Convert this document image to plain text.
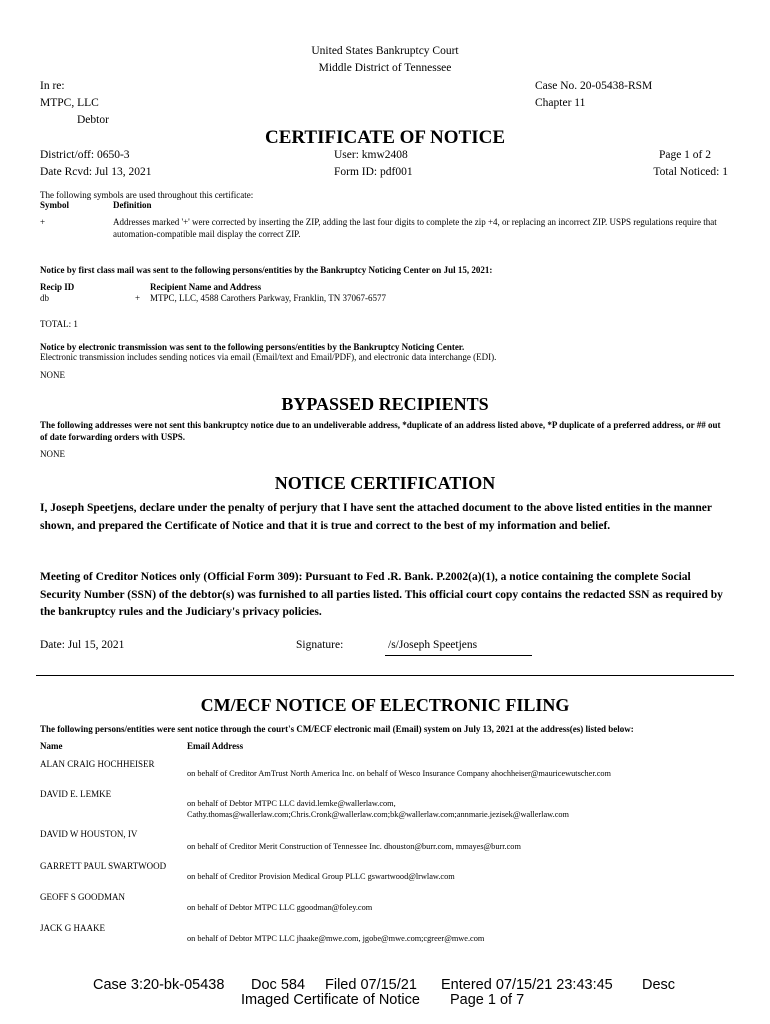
United States Bankruptcy Court
Middle District of Tennessee
In re:
MTPC, LLC
Debtor
Case No. 20-05438-RSM
Chapter 11
CERTIFICATE OF NOTICE
District/off: 0650-3
Date Rcvd: Jul 13, 2021
User: kmw2408
Form ID: pdf001
Page 1 of 2
Total Noticed: 1
The following symbols are used throughout this certificate:
Symbol	Definition
+	Addresses marked '+' were corrected by inserting the ZIP, adding the last four digits to complete the zip +4, or replacing an incorrect ZIP. USPS regulations require that automation-compatible mail display the correct ZIP.
Notice by first class mail was sent to the following persons/entities by the Bankruptcy Noticing Center on Jul 15, 2021:
Recip ID	Recipient Name and Address
db	+ MTPC, LLC, 4588 Carothers Parkway, Franklin, TN 37067-6577
TOTAL: 1
Notice by electronic transmission was sent to the following persons/entities by the Bankruptcy Noticing Center.
Electronic transmission includes sending notices via email (Email/text and Email/PDF), and electronic data interchange (EDI).
NONE
BYPASSED RECIPIENTS
The following addresses were not sent this bankruptcy notice due to an undeliverable address, *duplicate of an address listed above, *P duplicate of a preferred address, or ## out of date forwarding orders with USPS.
NONE
NOTICE CERTIFICATION
I, Joseph Speetjens, declare under the penalty of perjury that I have sent the attached document to the above listed entities in the manner shown, and prepared the Certificate of Notice and that it is true and correct to the best of my information and belief.
Meeting of Creditor Notices only (Official Form 309): Pursuant to Fed .R. Bank. P.2002(a)(1), a notice containing the complete Social Security Number (SSN) of the debtor(s) was furnished to all parties listed. This official court copy contains the redacted SSN as required by the bankruptcy rules and the Judiciary's privacy policies.
Date: Jul 15, 2021	Signature:	/s/Joseph Speetjens
CM/ECF NOTICE OF ELECTRONIC FILING
The following persons/entities were sent notice through the court's CM/ECF electronic mail (Email) system on July 13, 2021 at the address(es) listed below:
Name	Email Address
ALAN CRAIG HOCHHEISER
on behalf of Creditor AmTrust North America Inc. on behalf of Wesco Insurance Company ahochheiser@mauricewutscher.com
DAVID E. LEMKE
on behalf of Debtor MTPC LLC david.lemke@wallerlaw.com,
Cathy.thomas@wallerlaw.com;Chris.Cronk@wallerlaw.com;bk@wallerlaw.com;annmarie.jezisek@wallerlaw.com
DAVID W HOUSTON, IV
on behalf of Creditor Merit Construction of Tennessee Inc. dhouston@burr.com, mmayes@burr.com
GARRETT PAUL SWARTWOOD
on behalf of Creditor Provision Medical Group PLLC gswartwood@lrwlaw.com
GEOFF S GOODMAN
on behalf of Debtor MTPC LLC ggoodman@foley.com
JACK G HAAKE
on behalf of Debtor MTPC LLC jhaake@mwe.com, jgobe@mwe.com;cgreer@mwe.com
Case 3:20-bk-05438 Doc 584 Filed 07/15/21 Entered 07/15/21 23:43:45 Desc
Imaged Certificate of Notice Page 1 of 7
